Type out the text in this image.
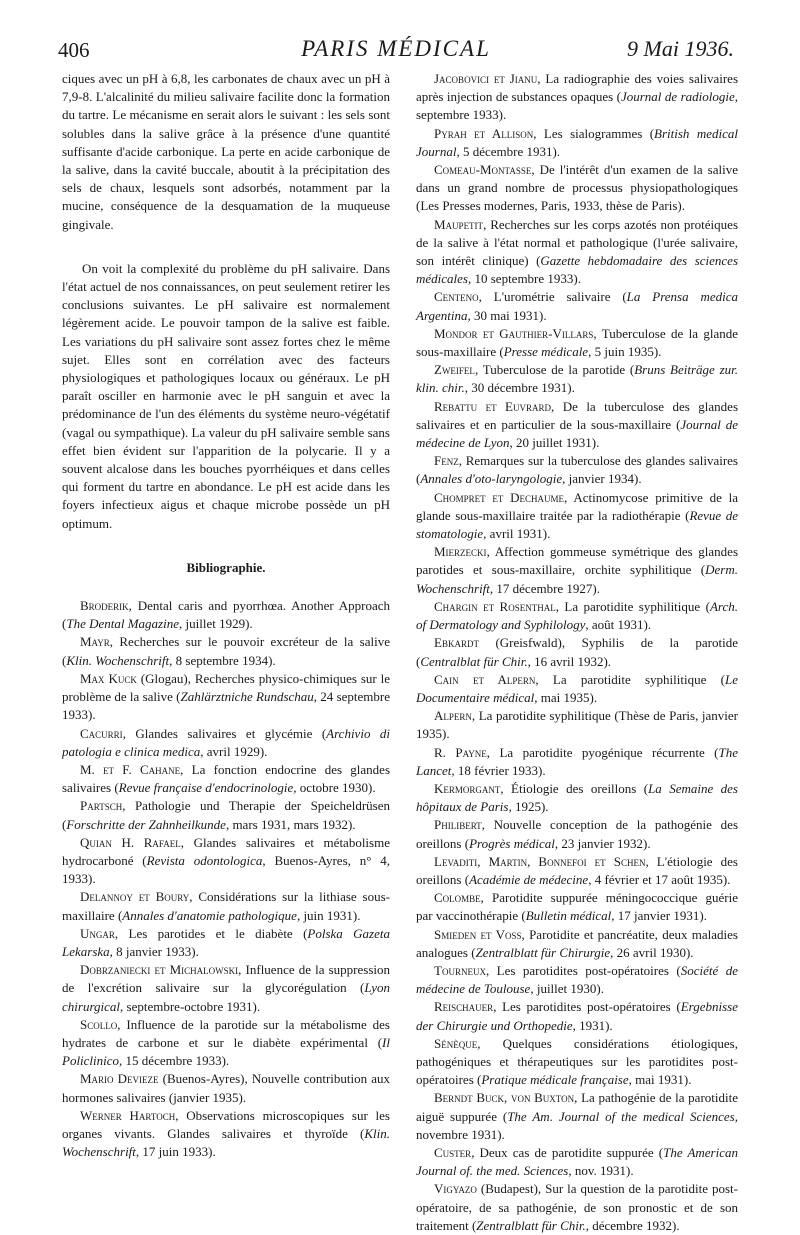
406	PARIS MÉDICAL	9 Mai 1936.

ciques avec un pH à 6,8, les carbonates de chaux avec un pH à 7,9-8. L'alcalinité du milieu salivaire facilite donc la formation du tartre. Le mécanisme en serait alors le suivant : les sels sont solubles dans la salive grâce à la présence d'une quantité suffisante d'acide carbonique. La perte en acide carbonique de la salive, dans la cavité buccale, aboutit à la précipitation des sels de chaux, lesquels sont adsorbés, notamment par la mucine, conséquence de la desquamation de la muqueuse gingivale.

On voit la complexité du problème du pH salivaire. Dans l'état actuel de nos connaissances, on peut seulement retirer les conclusions suivantes. Le pH salivaire est normalement légèrement acide. Le pouvoir tampon de la salive est faible. Les variations du pH salivaire sont assez fortes chez le même sujet. Elles sont en corrélation avec des facteurs physiologiques et pathologiques locaux ou généraux. Le pH paraît osciller en harmonie avec le pH sanguin et avec la prédominance de l'un des éléments du système neuro-végétatif (vagal ou sympathique). La valeur du pH salivaire semble sans effet bien évident sur l'apparition de la polycarie. Il y a souvent alcalose dans les bouches pyorrhéiques et dans celles qui forment du tartre en abondance. Le pH est acide dans les foyers infectieux aigus et chaque microbe possède un pH optimum.

Bibliographie.

Broderik, Dental caris and pyorrhœa. Another Approach (The Dental Magazine, juillet 1929).

Mayr, Recherches sur le pouvoir excréteur de la salive (Klin. Wochenschrift, 8 septembre 1934).

Max Kuck (Glogau), Recherches physico-chimiques sur le problème de la salive (Zahlärztniche Rundschau, 24 septembre 1933).

Cacurri, Glandes salivaires et glycémie (Archivio di patologia e clinica medica, avril 1929).

M. et F. Cahane, La fonction endocrine des glandes salivaires (Revue française d'endocrinologie, octobre 1930).

Partsch, Pathologie und Therapie der Speicheldrüsen (Forschritte der Zahnheilkunde, mars 1931, mars 1932).

Quian H. Rafael, Glandes salivaires et métabolisme hydrocarboné (Revista odontologica, Buenos-Ayres, n° 4, 1933).

Delannoy et Boury, Considérations sur la lithiase sous-maxillaire (Annales d'anatomie pathologique, juin 1931).

Ungar, Les parotides et le diabète (Polska Gazeta Lekarska, 8 janvier 1933).

Dobrzaniecki et Michalowski, Influence de la suppression de l'excrétion salivaire sur la glycorégulation (Lyon chirurgical, septembre-octobre 1931).

Scollo, Influence de la parotide sur la métabolisme des hydrates de carbone et sur le diabète expérimental (Il Policlinico, 15 décembre 1933).

Mario Devieze (Buenos-Ayres), Nouvelle contribution aux hormones salivaires (janvier 1935).

Werner Hartoch, Observations microscopiques sur les organes vivants. Glandes salivaires et thyroïde (Klin. Wochenschrift, 17 juin 1933).

Jacobovici et Jianu, La radiographie des voies salivaires après injection de substances opaques (Journal de radiologie, septembre 1933).

Pyrah et Allison, Les sialogrammes (British medical Journal, 5 décembre 1931).

Comeau-Montasse, De l'intérêt d'un examen de la salive dans un grand nombre de processus physiopathologiques (Les Presses modernes, Paris, 1933, thèse de Paris).

Maupetit, Recherches sur les corps azotés non protéiques de la salive à l'état normal et pathologique (l'urée salivaire, son intérêt clinique) (Gazette hebdomadaire des sciences médicales, 10 septembre 1933).

Centeno, L'urométrie salivaire (La Prensa medica Argentina, 30 mai 1931).

Mondor et Gauthier-Villars, Tuberculose de la glande sous-maxillaire (Presse médicale, 5 juin 1935).

Zweifel, Tuberculose de la parotide (Bruns Beiträge zur. klin. chir., 30 décembre 1931).

Rebattu et Euvrard, De la tuberculose des glandes salivaires et en particulier de la sous-maxillaire (Journal de médecine de Lyon, 20 juillet 1931).

Fenz, Remarques sur la tuberculose des glandes salivaires (Annales d'oto-laryngologie, janvier 1934).

Chompret et Dechaume, Actinomycose primitive de la glande sous-maxillaire traitée par la radiothérapie (Revue de stomatologie, avril 1931).

Mierzecki, Affection gommeuse symétrique des glandes parotides et sous-maxillaire, orchite syphilitique (Derm. Wochenschrift, 17 décembre 1927).

Chargin et Rosenthal, La parotidite syphilitique (Arch. of Dermatology and Syphilology, août 1931).

Ebkardt (Greisfwald), Syphilis de la parotide (Centralblat für Chir., 16 avril 1932).

Cain et Alpern, La parotidite syphilitique (Le Documentaire médical, mai 1935).

Alpern, La parotidite syphilitique (Thèse de Paris, janvier 1935).

R. Payne, La parotidite pyogénique récurrente (The Lancet, 18 février 1933).

Kermorgant, Étiologie des oreillons (La Semaine des hôpitaux de Paris, 1925).

Philibert, Nouvelle conception de la pathogénie des oreillons (Progrès médical, 23 janvier 1932).

Levaditi, Martin, Bonnefoi et Schen, L'étiologie des oreillons (Académie de médecine, 4 février et 17 août 1935).

Colombe, Parotidite suppurée méningococcique guérie par vaccinothérapie (Bulletin médical, 17 janvier 1931).

Smieden et Voss, Parotidite et pancréatite, deux maladies analogues (Zentralblatt für Chirurgie, 26 avril 1930).

Tourneux, Les parotidites post-opératoires (Société de médecine de Toulouse, juillet 1930).

Reischauer, Les parotidites post-opératoires (Ergebnisse der Chirurgie und Orthopedie, 1931).

Sénèque, Quelques considérations étiologiques, pathogéniques et thérapeutiques sur les parotidites post-opératoires (Pratique médicale française, mai 1931).

Berndt Buck, von Buxton, La pathogénie de la parotidite aiguë suppurée (The Am. Journal of the medical Sciences, novembre 1931).

Custer, Deux cas de parotidite suppurée (The American Journal of. the med. Sciences, nov. 1931).

Vigyazo (Budapest), Sur la question de la parotidite post-opératoire, de sa pathogénie, de son pronostic et de son traitement (Zentralblatt für Chir., décembre 1932).
